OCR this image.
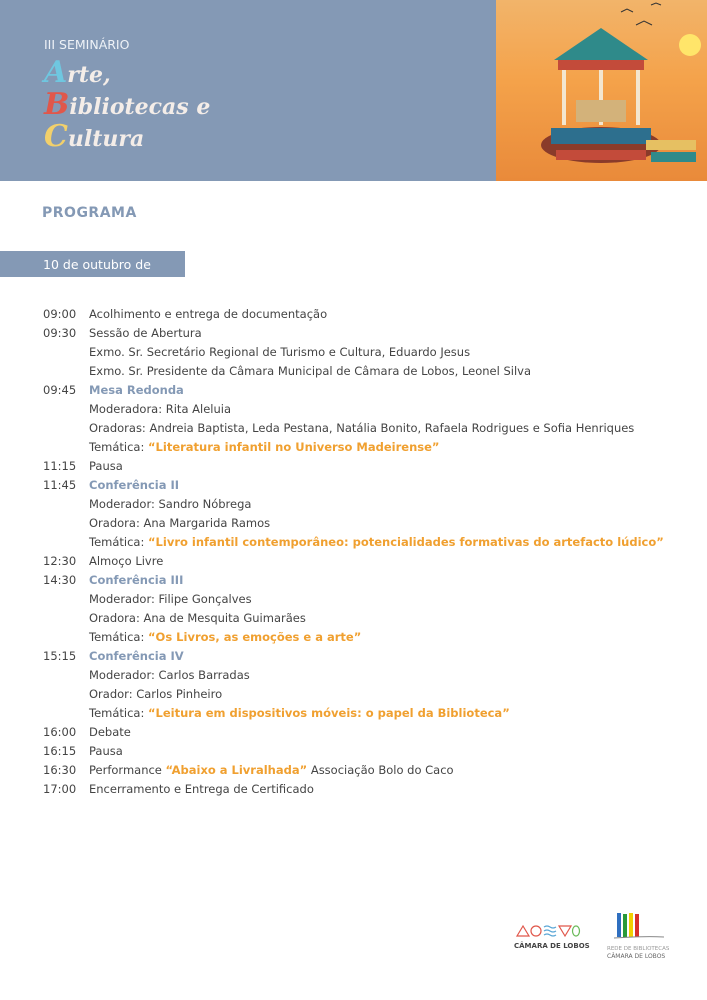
III SEMINÁRIO
Arte,
Bibliotecas e
Cultura
PROGRAMA
10 de outubro de 2024
09:00	Acolhimento e entrega de documentação
09:30	Sessão de Abertura
Exmo. Sr. Secretário Regional de Turismo e Cultura, Eduardo Jesus
Exmo. Sr. Presidente da Câmara Municipal de Câmara de Lobos, Leonel Silva
09:45	Mesa Redonda
Moderadora: Rita Aleluia
Oradoras: Andreia Baptista, Leda Pestana, Natália Bonito, Rafaela Rodrigues e Sofia Henriques
Temática: “Literatura infantil no Universo Madeirense”
11:15	Pausa
11:45	Conferência II
Moderador: Sandro Nóbrega
Oradora: Ana Margarida Ramos
Temática: “Livro infantil contemporâneo: potencialidades formativas do artefacto lúdico”
12:30	Almoço Livre
14:30	Conferência III
Moderador: Filipe Gonçalves
Oradora: Ana de Mesquita Guimarães
Temática: “Os Livros, as emoções e a arte”
15:15	Conferência IV
Moderador: Carlos Barradas
Orador: Carlos Pinheiro
Temática: “Leitura em dispositivos móveis: o papel da Biblioteca”
16:00	Debate
16:15	Pausa
16:30	Performance “Abaixo a Livralhada” Associação Bolo do Caco
17:00	Encerramento e Entrega de Certificado
CÂMARA DE LOBOS	REDE DE BIBLIOTECAS
CÂMARA DE LOBOS
